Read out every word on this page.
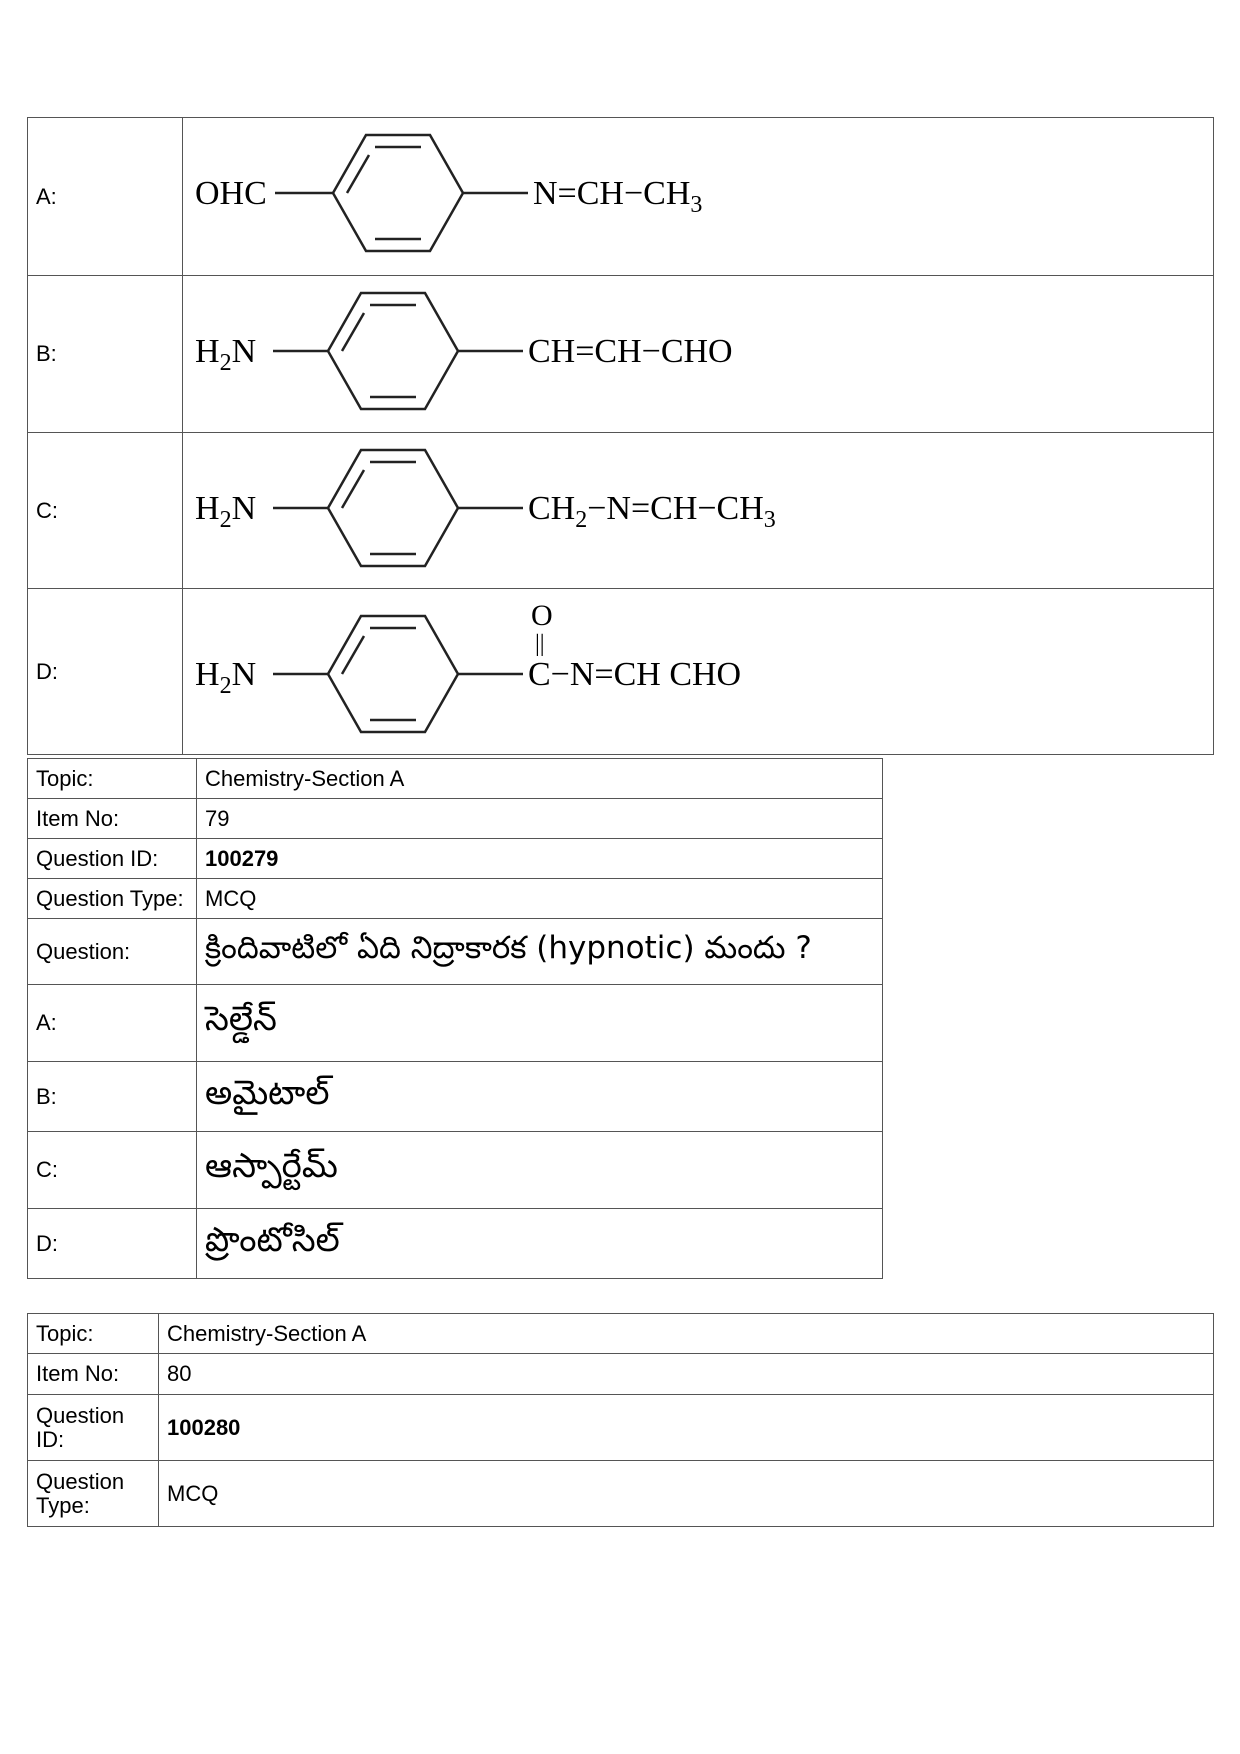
A:	OHC $N=CH-CH_3$

B:	$H_2N$ CH=CH−CHO

C:	$H_2N$ $CH_2-N=CH-CH_3$

D:	$H_2N$
O
||
C−N=CH CHO
Topic:	Chemistry-Section A
Item No:	79
Question ID:	100279
Question Type:	MCQ
Question:	క్రిందివాటిలో ఏది నిద్రాకారక (hypnotic) మందు ?
A:	సెల్డేన్
B:	అమైటాల్
C:	ఆస్పార్టేమ్
D:	ప్రొంటోసిల్
Topic:	Chemistry-Section A
Item No:	80
Question ID:	100280
Question Type:	MCQ
